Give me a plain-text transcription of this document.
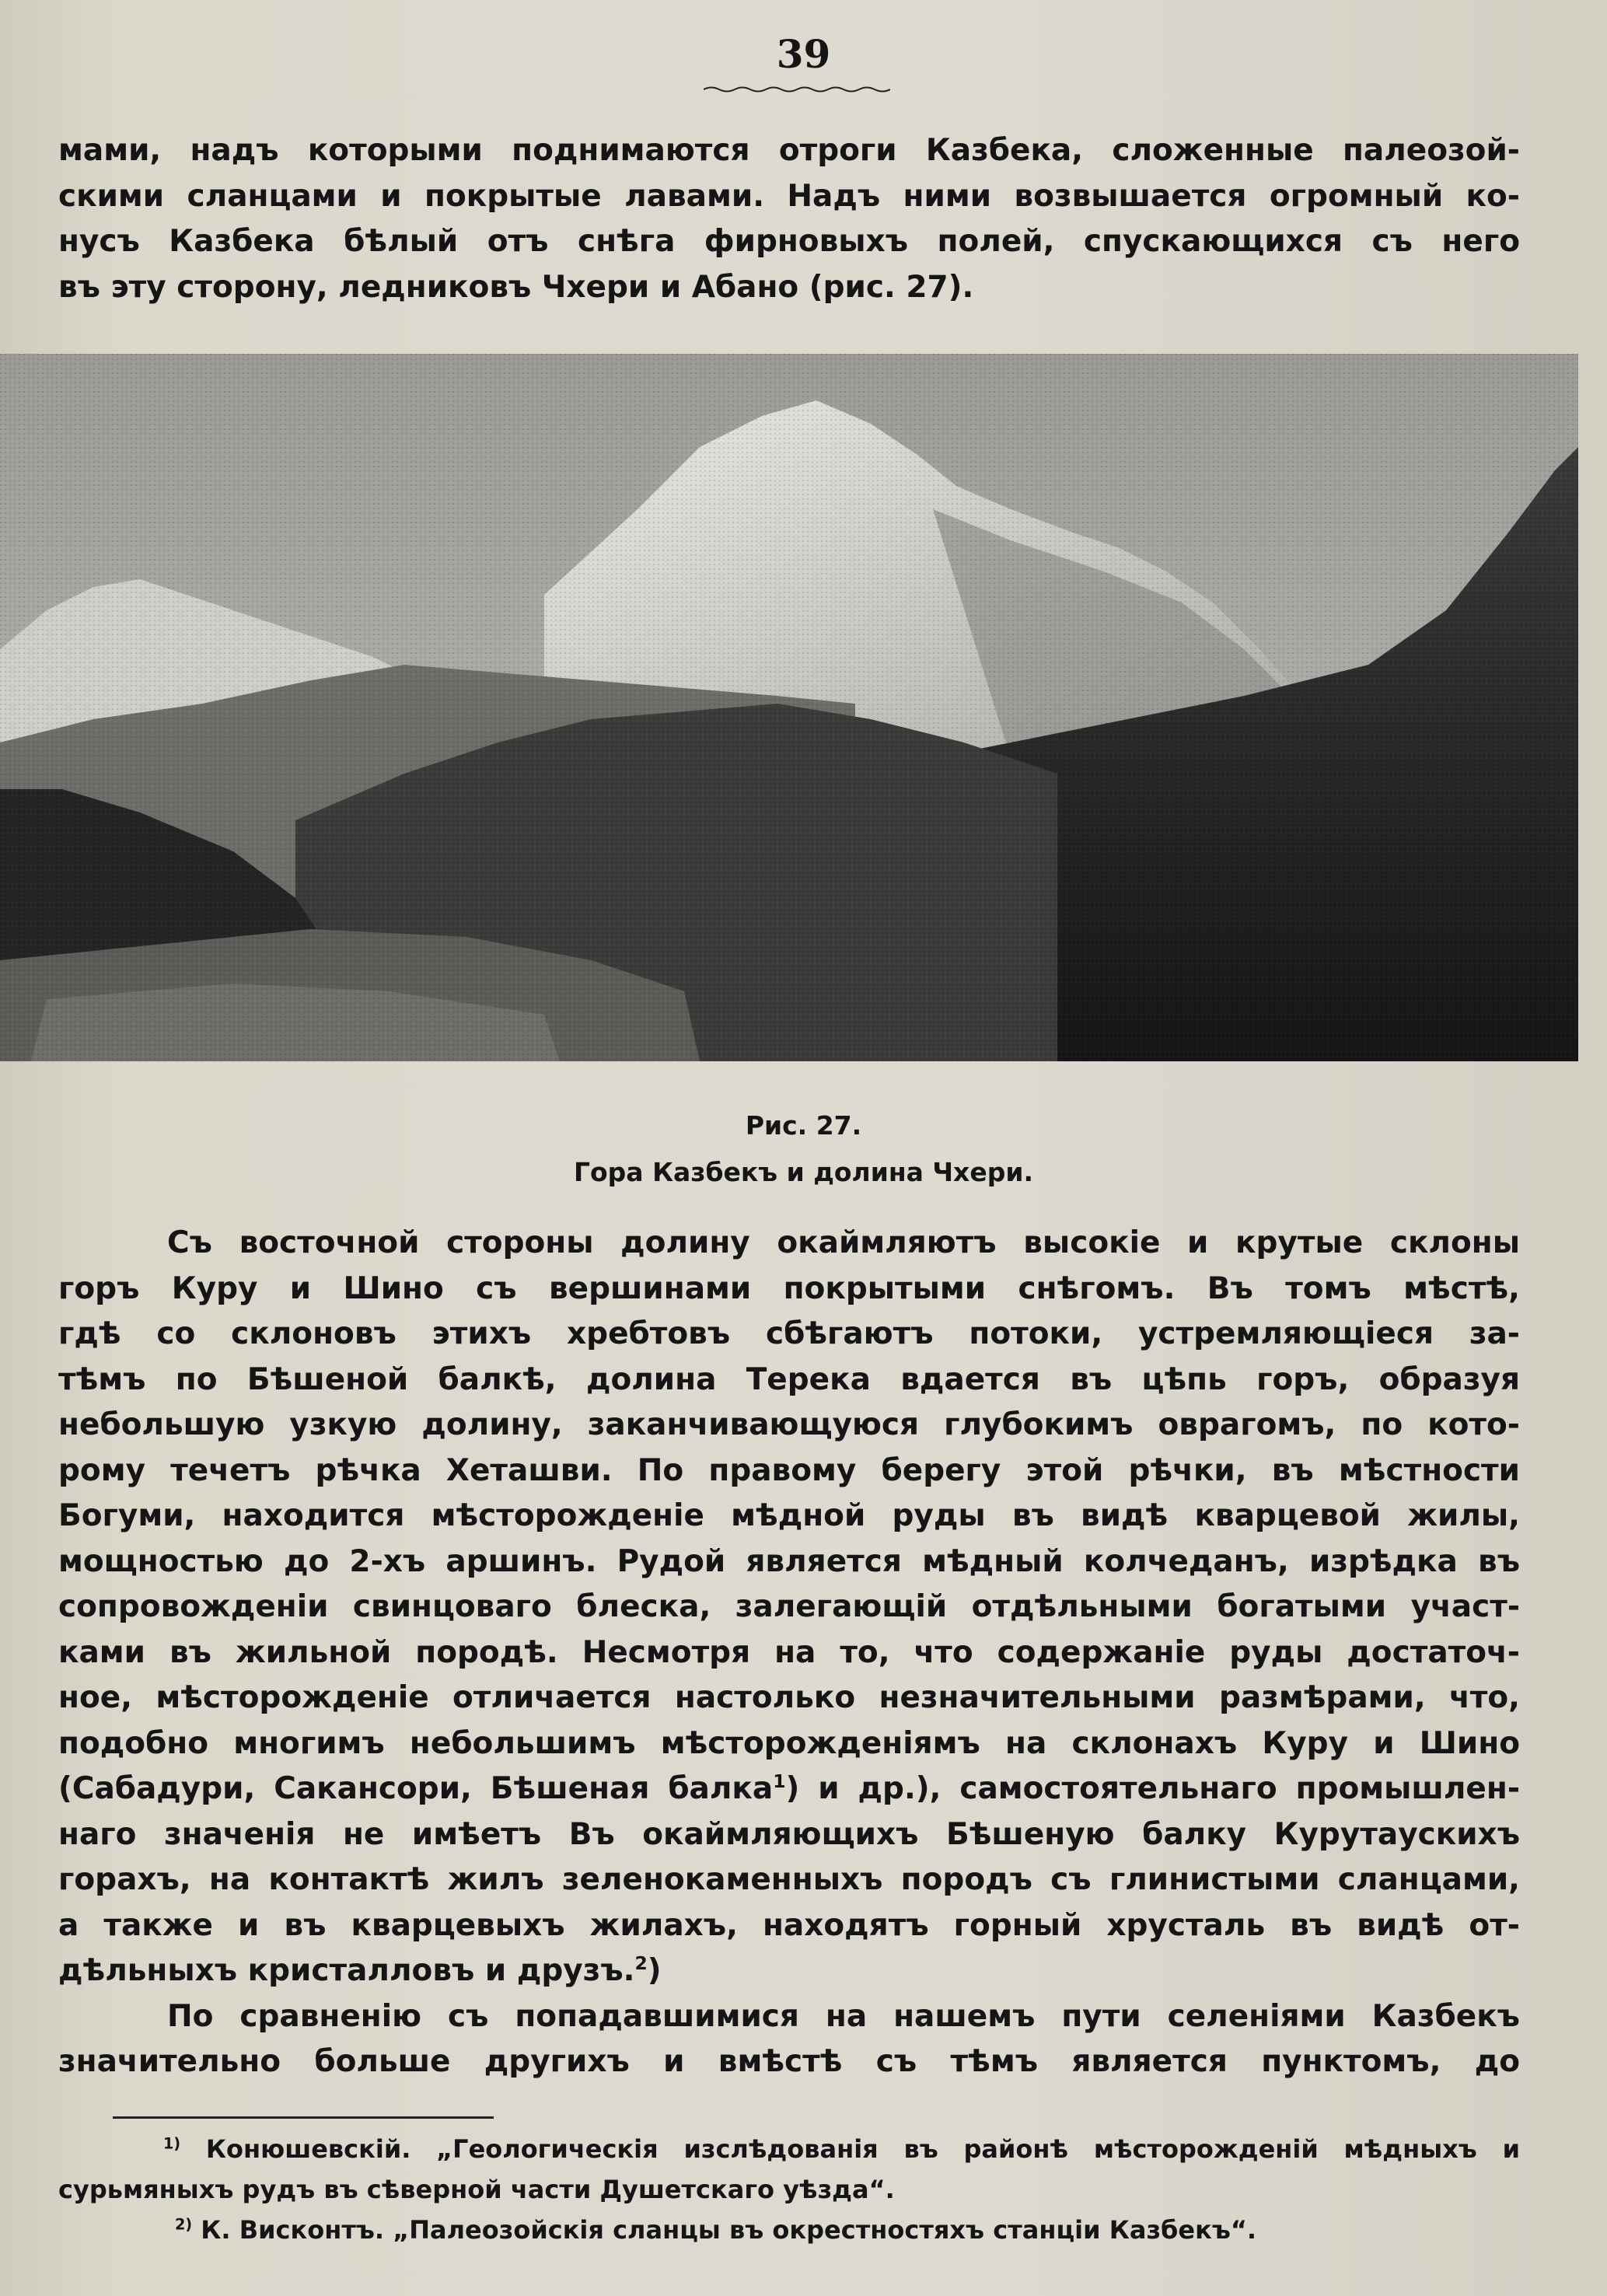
39
мами, надъ которыми поднимаются отроги Казбека, сложенные палеозой-
скими сланцами и покрытые лавами. Надъ ними возвышается огромный ко-
нусъ Казбека бѣлый отъ снѣга фирновыхъ полей, спускающихся съ него
въ эту сторону, ледниковъ Чхери и Абано (рис. 27).
Рис. 27.
Гора Казбекъ и долина Чхери.
Съ восточной стороны долину окаймляютъ высокіе и крутые склоны
горъ Куру и Шино съ вершинами покрытыми снѣгомъ. Въ томъ мѣстѣ,
гдѣ со склоновъ этихъ хребтовъ сбѣгаютъ потоки, устремляющіеся за-
тѣмъ по Бѣшеной балкѣ, долина Терека вдается въ цѣпь горъ, образуя
небольшую узкую долину, заканчивающуюся глубокимъ оврагомъ, по кото-
рому течетъ рѣчка Хеташви. По правому берегу этой рѣчки, въ мѣстности
Богуми, находится мѣсторожденіе мѣдной руды въ видѣ кварцевой жилы,
мощностью до 2-хъ аршинъ. Рудой является мѣдный колчеданъ, изрѣдка въ
сопровожденіи свинцоваго блеска, залегающій отдѣльными богатыми участ-
ками въ жильной породѣ. Несмотря на то, что содержаніе руды достаточ-
ное, мѣсторожденіе отличается настолько незначительными размѣрами, что,
подобно многимъ небольшимъ мѣсторожденіямъ на склонахъ Куру и Шино
(Сабадури, Сакансори, Бѣшеная балка$^1$) и др.), самостоятельнаго промышлен-
наго значенія не имѣетъ Въ окаймляющихъ Бѣшеную балку Курутаускихъ
горахъ, на контактѣ жилъ зеленокаменныхъ породъ съ глинистыми сланцами,
а также и въ кварцевыхъ жилахъ, находятъ горный хрусталь въ видѣ от-
дѣльныхъ кристалловъ и друзъ.$^2$)
По сравненію съ попадавшимися на нашемъ пути селеніями Казбекъ
значительно больше другихъ и вмѣстѣ съ тѣмъ является пунктомъ, до
$^{1)}$ Конюшевскій. „Геологическія изслѣдованія въ районѣ мѣсторожденій мѣдныхъ и
сурьмяныхъ рудъ въ сѣверной части Душетскаго уѣзда“.
$^{2)}$ К. Висконтъ. „Палеозойскія сланцы въ окрестностяхъ станціи Казбекъ“.
